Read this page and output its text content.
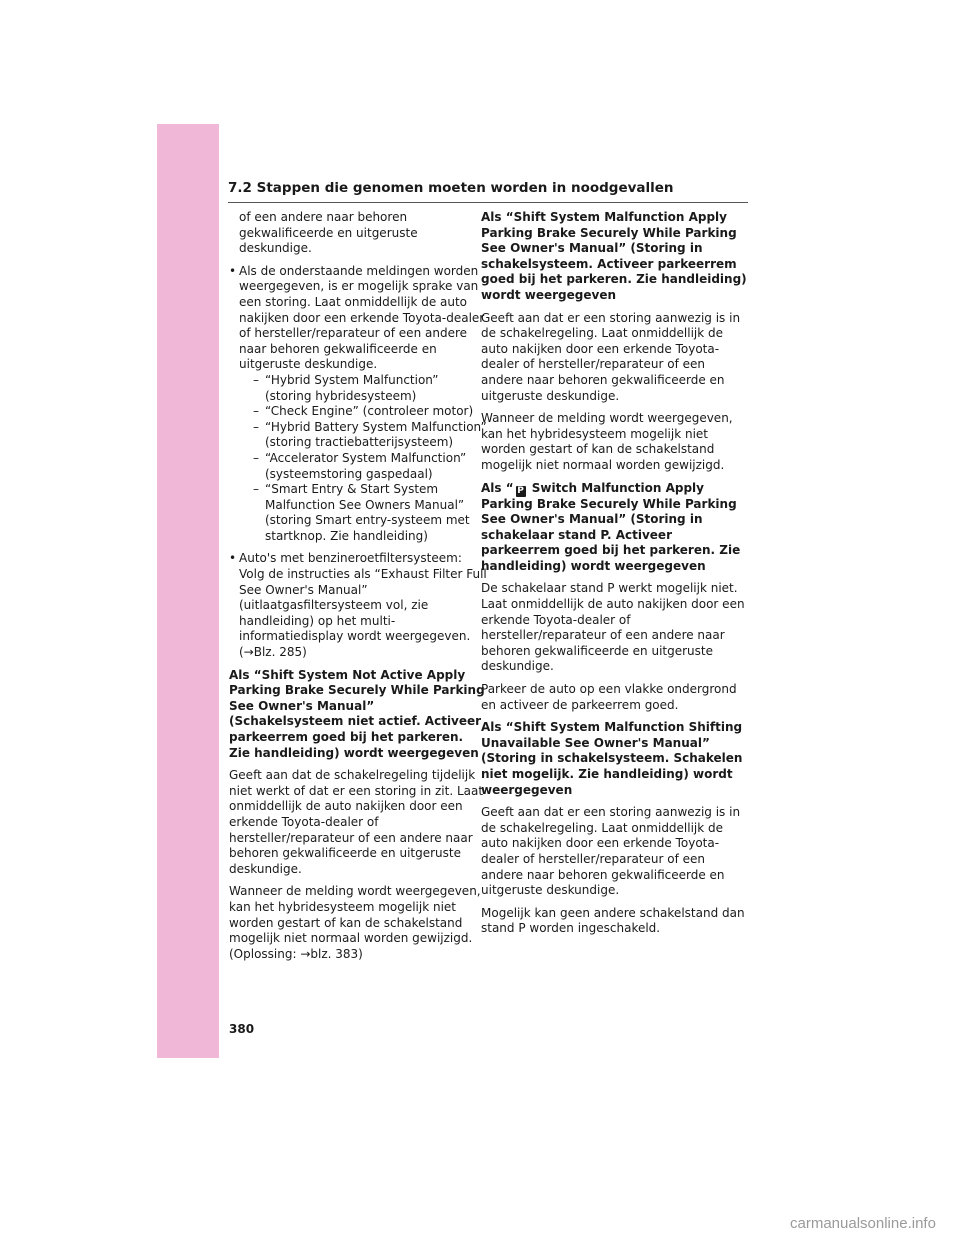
7.2 Stappen die genomen moeten worden in noodgevallen
of een andere naar behoren gekwalificeerde en uitgeruste deskundige.
• Als de onderstaande meldingen worden weergegeven, is er mogelijk sprake van een storing. Laat onmiddellijk de auto nakijken door een erkende Toyota-dealer of hersteller/reparateur of een andere naar behoren gekwalificeerde en uitgeruste deskundige.
– “Hybrid System Malfunction” (storing hybridesysteem)
– “Check Engine” (controleer motor)
– “Hybrid Battery System Malfunction” (storing tractiebatterijsysteem)
– “Accelerator System Malfunction” (systeemstoring gaspedaal)
– “Smart Entry & Start System Malfunction See Owners Manual” (storing Smart entry-systeem met startknop. Zie handleiding)
• Auto's met benzineroetfiltersysteem: Volg de instructies als “Exhaust Filter Full See Owner's Manual” (uitlaatgasfiltersysteem vol, zie handleiding) op het multi-informatiedisplay wordt weergegeven. (→Blz. 285)
Als “Shift System Not Active Apply Parking Brake Securely While Parking See Owner's Manual” (Schakelsysteem niet actief. Activeer parkeerrem goed bij het parkeren. Zie handleiding) wordt weergegeven

Geeft aan dat de schakelregeling tijdelijk niet werkt of dat er een storing in zit. Laat onmiddellijk de auto nakijken door een erkende Toyota-dealer of hersteller/reparateur of een andere naar behoren gekwalificeerde en uitgeruste deskundige.

Wanneer de melding wordt weergegeven, kan het hybridesysteem mogelijk niet worden gestart of kan de schakelstand mogelijk niet normaal worden gewijzigd. (Oplossing: →blz. 383)

Als “Shift System Malfunction Apply Parking Brake Securely While Parking See Owner's Manual” (Storing in schakelsysteem. Activeer parkeerrem goed bij het parkeren. Zie handleiding) wordt weergegeven

Geeft aan dat er een storing aanwezig is in de schakelregeling. Laat onmiddellijk de auto nakijken door een erkende Toyota-dealer of hersteller/reparateur of een andere naar behoren gekwalificeerde en uitgeruste deskundige.

Wanneer de melding wordt weergegeven, kan het hybridesysteem mogelijk niet worden gestart of kan de schakelstand mogelijk niet normaal worden gewijzigd.

Als “ P Switch Malfunction Apply Parking Brake Securely While Parking See Owner's Manual” (Storing in schakelaar stand P. Activeer parkeerrem goed bij het parkeren. Zie handleiding) wordt weergegeven

De schakelaar stand P werkt mogelijk niet. Laat onmiddellijk de auto nakijken door een erkende Toyota-dealer of hersteller/reparateur of een andere naar behoren gekwalificeerde en uitgeruste deskundige.

Parkeer de auto op een vlakke ondergrond en activeer de parkeerrem goed.

Als “Shift System Malfunction Shifting Unavailable See Owner's Manual” (Storing in schakelsysteem. Schakelen niet mogelijk. Zie handleiding) wordt weergegeven

Geeft aan dat er een storing aanwezig is in de schakelregeling. Laat onmiddellijk de auto nakijken door een erkende Toyota-dealer of hersteller/reparateur of een andere naar behoren gekwalificeerde en uitgeruste deskundige.

Mogelijk kan geen andere schakelstand dan stand P worden ingeschakeld.

380
carmanualsonline.info
